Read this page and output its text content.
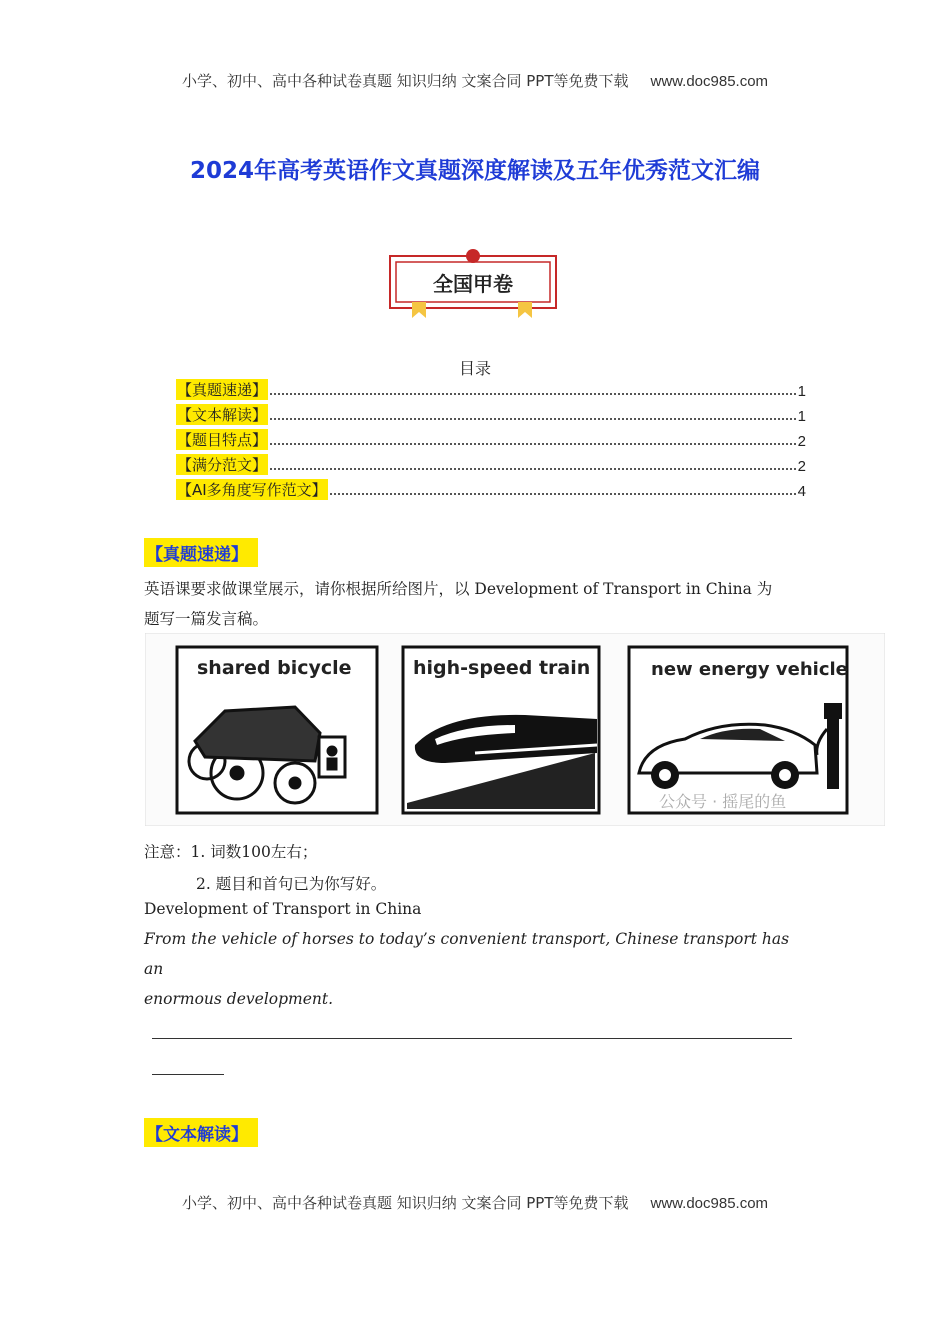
小学、初中、高中各种试卷真题 知识归纳 文案合同 PPT等免费下载 www.doc985.com
2024年高考英语作文真题深度解读及五年优秀范文汇编
全国甲卷
目录
【真题速递】	1
【文本解读】	1
【题目特点】	2
【满分范文】	2
【AI多角度写作范文】	4
【真题速递】
英语课要求做课堂展示，请你根据所给图片，以 Development of Transport in China 为
题写一篇发言稿。
shared bicycle	high-speed train	new energy vehicle
公众号 · 摇尾的鱼
注意：1. 词数100左右；
2. 题目和首句已为你写好。
Development of Transport in China
From the vehicle of horses to today’s convenient transport, Chinese transport has an
enormous development.
【文本解读】
小学、初中、高中各种试卷真题 知识归纳 文案合同 PPT等免费下载 www.doc985.com
